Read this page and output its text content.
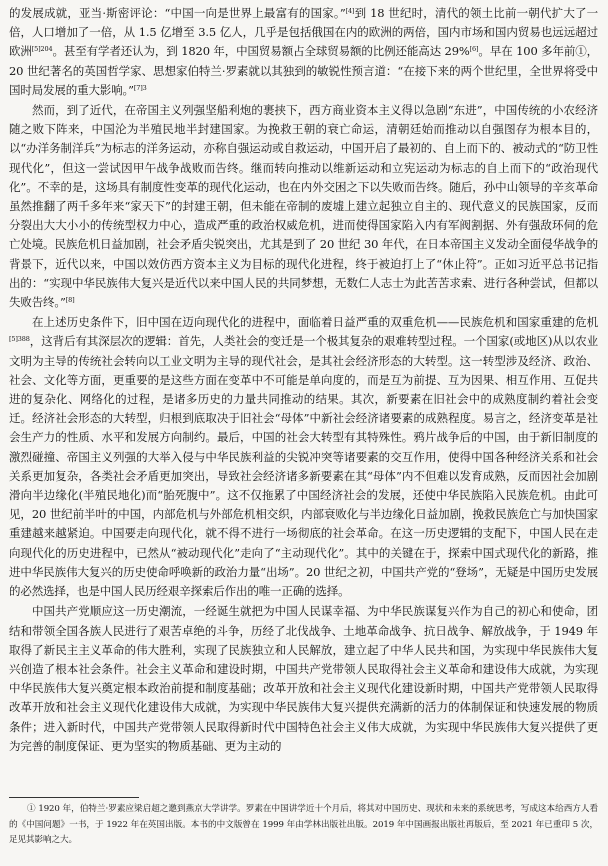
的发展成就，亚当·斯密评论：“中国一向是世界上最富有的国家。”[4]到 18 世纪时，清代的领土比前一朝代扩大了一倍，人口增加了一倍，从 1.5 亿增至 3.5 亿人，几乎是包括俄国在内的欧洲的两倍，国内市场和国内贸易也远远超过欧洲$^{[5]204}$。甚至有学者还认为，到 1820 年，中国贸易额占全球贸易额的比例还能高达 29%[6]。早在 100 多年前①，20 世纪著名的英国哲学家、思想家伯特兰·罗素就以其独到的敏锐性预言道：“在接下来的两个世纪里，全世界将受中国时局发展的重大影响。”$^{[7]3}$

然而，到了近代，在帝国主义列强坚船利炮的裹挟下，西方商业资本主义得以急剧“东进”，中国传统的小农经济随之败下阵来，中国沦为半殖民地半封建国家。为挽救王朝的衰亡命运，清朝廷始而推动以自强图存为根本目的，以“办洋务制洋兵”为标志的洋务运动，亦称自强运动或自救运动，中国开启了最初的、自上而下的、被动式的“防卫性现代化”，但这一尝试因甲午战争战败而告终。继而转向推动以维新运动和立宪运动为标志的自上而下的“政治现代化”。不幸的是，这场具有制度性变革的现代化运动，也在内外交困之下以失败而告终。随后，孙中山领导的辛亥革命虽然推翻了两千多年来“家天下”的封建王朝，但未能在帝制的废墟上建立起独立自主的、现代意义的民族国家，反而分裂出大大小小的传统型权力中心，造成严重的政治权威危机，进而使得国家陷入内有军阀割据、外有强敌环伺的危亡处境。民族危机日益加剧，社会矛盾尖锐突出，尤其是到了 20 世纪 30 年代，在日本帝国主义发动全面侵华战争的背景下，近代以来，中国以效仿西方资本主义为目标的现代化进程，终于被迫打上了“休止符”。正如习近平总书记指出的：“实现中华民族伟大复兴是近代以来中国人民的共同梦想，无数仁人志士为此苦苦求索、进行各种尝试，但都以失败告终。”[8]

在上述历史条件下，旧中国在迈向现代化的进程中，面临着日益严重的双重危机——民族危机和国家重建的危机$^{[5]388}$，这背后有其深层次的逻辑：首先，人类社会的变迁是一个极其复杂的艰难转型过程。一个国家(或地区)从以农业文明为主导的传统社会转向以工业文明为主导的现代社会，是其社会经济形态的大转型。这一转型涉及经济、政治、社会、文化等方面，更重要的是这些方面在变革中不可能是单向度的，而是互为前提、互为因果、相互作用、互促共进的复杂化、网络化的过程，是诸多历史的力量共同推动的结果。其次，新要素在旧社会中的成熟度制约着社会变迁。经济社会形态的大转型，归根到底取决于旧社会“母体”中新社会经济诸要素的成熟程度。易言之，经济变革是社会生产力的性质、水平和发展方向制约。最后，中国的社会大转型有其特殊性。鸦片战争后的中国，由于新旧制度的激烈碰撞、帝国主义列强的大举入侵与中华民族利益的尖锐冲突等诸要素的交互作用，使得中国各种经济关系和社会关系更加复杂，各类社会矛盾更加突出，导致社会经济诸多新要素在其“母体”内不但难以发育成熟，反而因社会加剧滑向半边缘化(半殖民地化)而“胎死腹中”。这不仅拖累了中国经济社会的发展，还使中华民族陷入民族危机。由此可见，20 世纪前半叶的中国，内部危机与外部危机相交织，内部衰败化与半边缘化日益加剧，挽救民族危亡与加快国家重建越来越紧迫。中国要走向现代化，就不得不进行一场彻底的社会革命。在这一历史逻辑的支配下，中国人民在走向现代化的历史进程中，已然从“被动现代化”走向了“主动现代化”。其中的关键在于，探索中国式现代化的新路，推进中华民族伟大复兴的历史使命呼唤新的政治力量“出场”。20 世纪之初，中国共产党的“登场”，无疑是中国历史发展的必然选择，也是中国人民历经艰辛探索后作出的唯一正确的选择。

中国共产党顺应这一历史潮流，一经诞生就把为中国人民谋幸福、为中华民族谋复兴作为自己的初心和使命，团结和带领全国各族人民进行了艰苦卓绝的斗争，历经了北伐战争、土地革命战争、抗日战争、解放战争，于 1949 年取得了新民主主义革命的伟大胜利，实现了民族独立和人民解放，建立起了中华人民共和国，为实现中华民族伟大复兴创造了根本社会条件。社会主义革命和建设时期，中国共产党带领人民取得社会主义革命和建设伟大成就，为实现中华民族伟大复兴奠定根本政治前提和制度基础；改革开放和社会主义现代化建设新时期，中国共产党带领人民取得改革开放和社会主义现代化建设伟大成就，为实现中华民族伟大复兴提供充满新的活力的体制保证和快速发展的物质条件；进入新时代，中国共产党带领人民取得新时代中国特色社会主义伟大成就，为实现中华民族伟大复兴提供了更为完善的制度保证、更为坚实的物质基础、更为主动的

① 1920 年，伯特兰·罗素应梁启超之邀到燕京大学讲学。罗素在中国讲学近十个月后，将其对中国历史、现状和未来的系统思考，写成这本给西方人看的《中国问题》一书，于 1922 年在英国出版。本书的中文版曾在 1999 年由学林出版社出版。2019 年中国画报出版社再版后，至 2021 年已重印 5 次，足见其影响之大。
